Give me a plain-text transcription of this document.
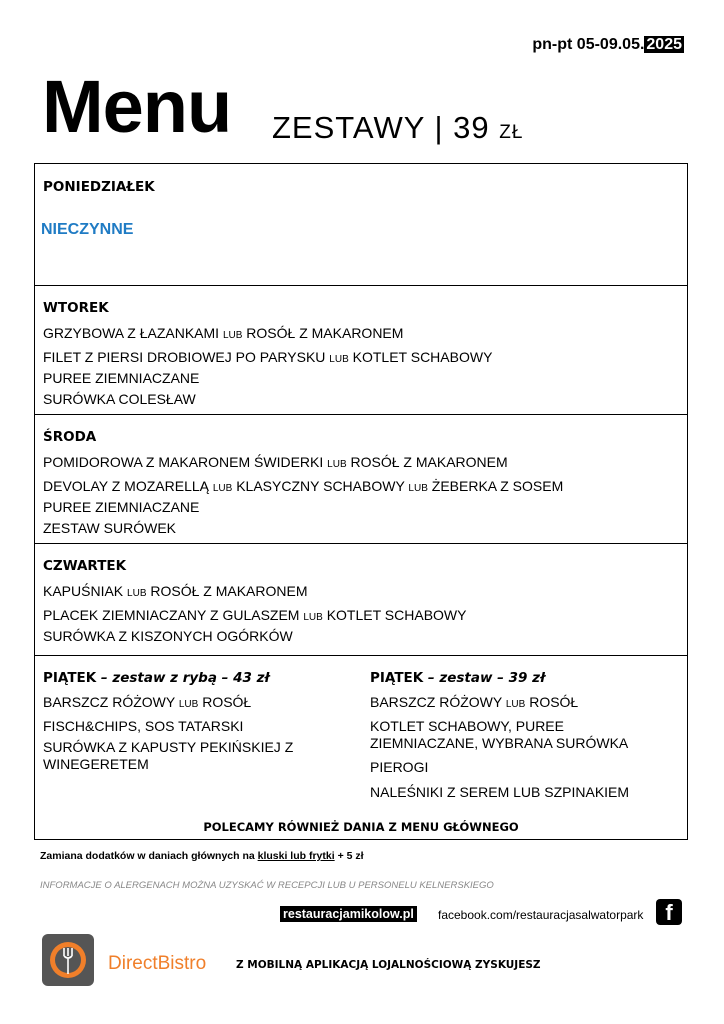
pn-pt 05-09.05. 2025
Menu ZESTAWY | 39 ZŁ
PONIEDZIAŁEK
NIECZYNNE
WTOREK
GRZYBOWA Z ŁAZANKAMI LUB ROSÓŁ Z MAKARONEM
FILET Z PIERSI DROBIOWEJ PO PARYSKU LUB KOTLET SCHABOWY
PUREE ZIEMNIACZANE
SURÓWKA COLESŁAW
ŚRODA
POMIDOROWA Z MAKARONEM ŚWIDERKI LUB ROSÓŁ Z MAKARONEM
DEVOLAY Z MOZARELLĄ LUB KLASYCZNY SCHABOWY LUB ŻEBERKA Z SOSEM
PUREE ZIEMNIACZANE
ZESTAW SURÓWEK
CZWARTEK
KAPUŚNIAK LUB ROSÓŁ Z MAKARONEM
PLACEK ZIEMNIACZANY Z GULASZEM LUB KOTLET SCHABOWY
SURÓWKA Z KISZONYCH OGÓRKÓW
PIĄTEK – zestaw z rybą – 43 zł
BARSZCZ RÓŻOWY LUB ROSÓŁ
FISCH&CHIPS, SOS TATARSKI
SURÓWKA Z KAPUSTY PEKIŃSKIEJ Z WINEGERETEM
PIĄTEK – zestaw – 39 zł
BARSZCZ RÓŻOWY LUB ROSÓŁ
KOTLET SCHABOWY, PUREE ZIEMNIACZANE, WYBRANA SURÓWKA
PIEROGI
NALEŚNIKI Z SEREM LUB SZPINAKIEM
POLECAMY RÓWNIEŻ DANIA Z MENU GŁÓWNEGO
Zamiana dodatków w daniach głównych na kluski lub frytki + 5 zł
INFORMACJE O ALERGENACH MOŻNA UZYSKAĆ W RECEPCJI LUB U PERSONELU KELNERSKIEGO
restauracjamikolow.pl facebook.com/restauracjasalwatorpark f
DirectBistro	Z MOBILNĄ APLIKACJĄ LOJALNOŚCIOWĄ ZYSKUJESZ
